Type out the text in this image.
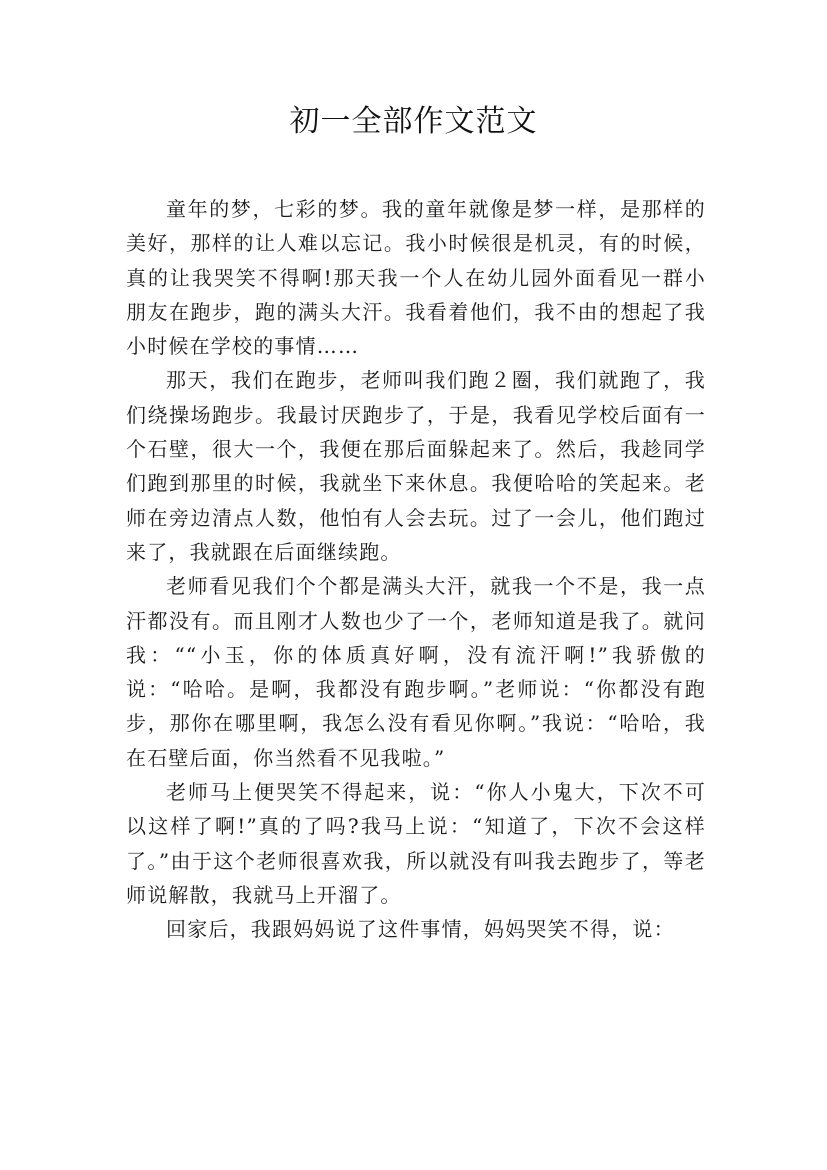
初一全部作文范文

童年的梦，七彩的梦。我的童年就像是梦一样，是那样的美好，那样的让人难以忘记。我小时候很是机灵，有的时候，真的让我哭笑不得啊!那天我一个人在幼儿园外面看见一群小朋友在跑步，跑的满头大汗。我看着他们，我不由的想起了我小时候在学校的事情……

那天，我们在跑步，老师叫我们跑２圈，我们就跑了，我们绕操场跑步。我最讨厌跑步了，于是，我看见学校后面有一个石壁，很大一个，我便在那后面躲起来了。然后，我趁同学们跑到那里的时候，我就坐下来休息。我便哈哈的笑起来。老师在旁边清点人数，他怕有人会去玩。过了一会儿，他们跑过来了，我就跟在后面继续跑。

老师看见我们个个都是满头大汗，就我一个不是，我一点汗都没有。而且刚才人数也少了一个，老师知道是我了。就问我：““小玉，你的体质真好啊，没有流汗啊!”我骄傲的说：“哈哈。是啊，我都没有跑步啊。”老师说：“你都没有跑步，那你在哪里啊，我怎么没有看见你啊。”我说：“哈哈，我在石壁后面，你当然看不见我啦。”

老师马上便哭笑不得起来，说：“你人小鬼大，下次不可以这样了啊!”真的了吗?我马上说：“知道了，下次不会这样了。”由于这个老师很喜欢我，所以就没有叫我去跑步了，等老师说解散，我就马上开溜了。

回家后，我跟妈妈说了这件事情，妈妈哭笑不得，说：
